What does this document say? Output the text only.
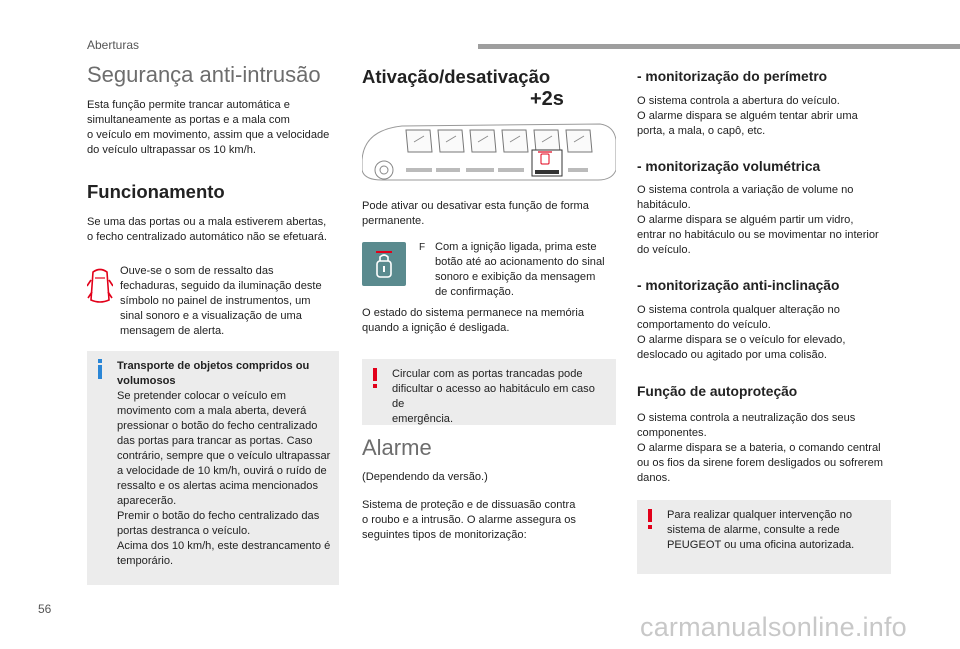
Aberturas
56
carmanualsonline.info
Segurança anti-intrusão

Esta função permite trancar automática e
simultaneamente as portas e a mala com
o veículo em movimento, assim que a velocidade
do veículo ultrapassar os 10 km/h.

Funcionamento

Se uma das portas ou a mala estiverem abertas,
o fecho centralizado automático não se efetuará.

Ouve-se o som de ressalto das
fechaduras, seguido da iluminação deste
símbolo no painel de instrumentos, um
sinal sonoro e a visualização de uma
mensagem de alerta.

Transporte de objetos compridos ou
volumosos

Se pretender colocar o veículo em
movimento com a mala aberta, deverá
pressionar o botão do fecho centralizado
das portas para trancar as portas. Caso
contrário, sempre que o veículo ultrapassar
a velocidade de 10 km/h, ouvirá o ruído de
ressalto e os alertas acima mencionados
aparecerão.
Premir o botão do fecho centralizado das
portas destranca o veículo.
Acima dos 10 km/h, este destrancamento é
temporário.

Ativação/desativação
+2s

Pode ativar ou desativar esta função de forma
permanente.

F Com a ignição ligada, prima este
botão até ao acionamento do sinal
sonoro e exibição da mensagem
de confirmação.

O estado do sistema permanece na memória
quando a ignição é desligada.

Circular com as portas trancadas pode
dificultar o acesso ao habitáculo em caso de
emergência.

Alarme

(Dependendo da versão.)

Sistema de proteção e de dissuasão contra
o roubo e a intrusão. O alarme assegura os
seguintes tipos de monitorização:

- monitorização do perímetro

O sistema controla a abertura do veículo.
O alarme dispara se alguém tentar abrir uma
porta, a mala, o capô, etc.

- monitorização volumétrica

O sistema controla a variação de volume no
habitáculo.
O alarme dispara se alguém partir um vidro,
entrar no habitáculo ou se movimentar no interior
do veículo.

- monitorização anti-inclinação

O sistema controla qualquer alteração no
comportamento do veículo.
O alarme dispara se o veículo for elevado,
deslocado ou agitado por uma colisão.

Função de autoproteção

O sistema controla a neutralização dos seus
componentes.
O alarme dispara se a bateria, o comando central
ou os fios da sirene forem desligados ou sofrerem
danos.

Para realizar qualquer intervenção no
sistema de alarme, consulte a rede
PEUGEOT ou uma oficina autorizada.
